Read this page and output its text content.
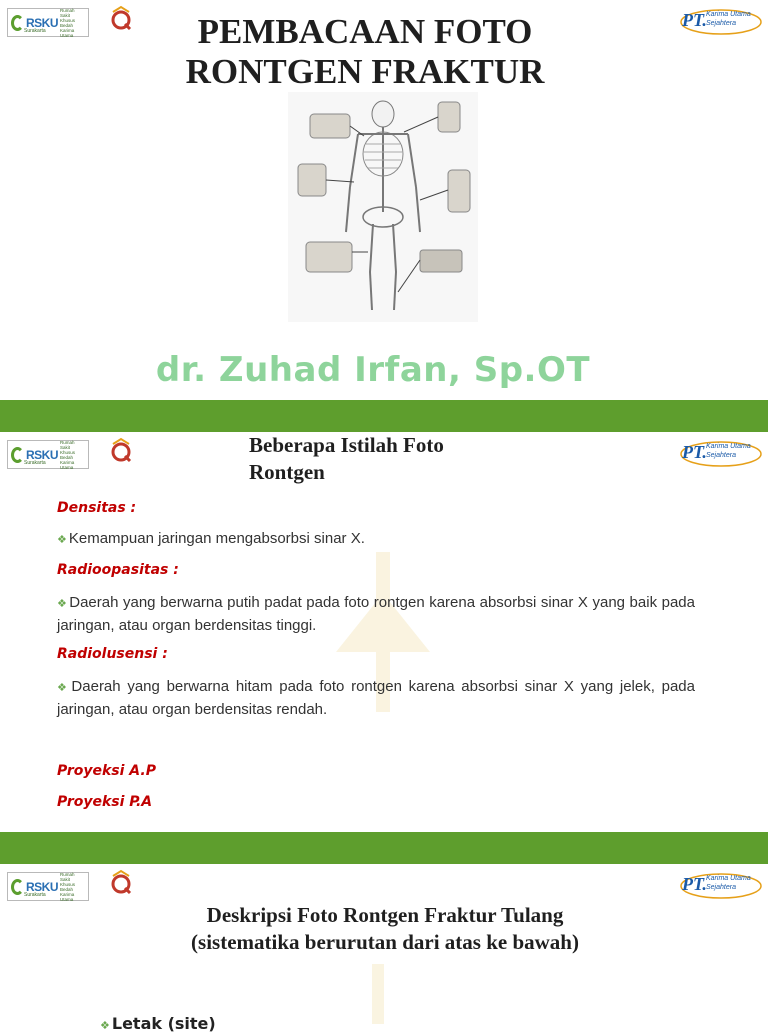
RSKU
Rumah Sakit Khusus Bedah Karima Utama
Surakarta
PT. Karima Utama
Sejahtera
PEMBACAAN FOTO
RONTGEN FRAKTUR
dr. Zuhad Irfan, Sp.OT
RSKU
Rumah Sakit Khusus Bedah Karima Utama
Surakarta
PT. Karima Utama
Sejahtera
Beberapa Istilah Foto
Rontgen
Densitas :
❖ Kemampuan jaringan mengabsorbsi sinar X.
Radioopasitas :
❖ Daerah yang berwarna putih padat pada foto rontgen karena absorbsi sinar X yang baik pada jaringan, atau organ berdensitas tinggi.
Radiolusensi :
❖ Daerah yang berwarna hitam pada foto rontgen karena absorbsi sinar X yang jelek, pada jaringan, atau organ berdensitas rendah.
Proyeksi A.P
Proyeksi P.A
RSKU
Rumah Sakit Khusus Bedah Karima Utama
Surakarta
PT. Karima Utama
Sejahtera
Deskripsi Foto Rontgen Fraktur Tulang
(sistematika berurutan dari atas ke bawah)
❖ Letak (site)
